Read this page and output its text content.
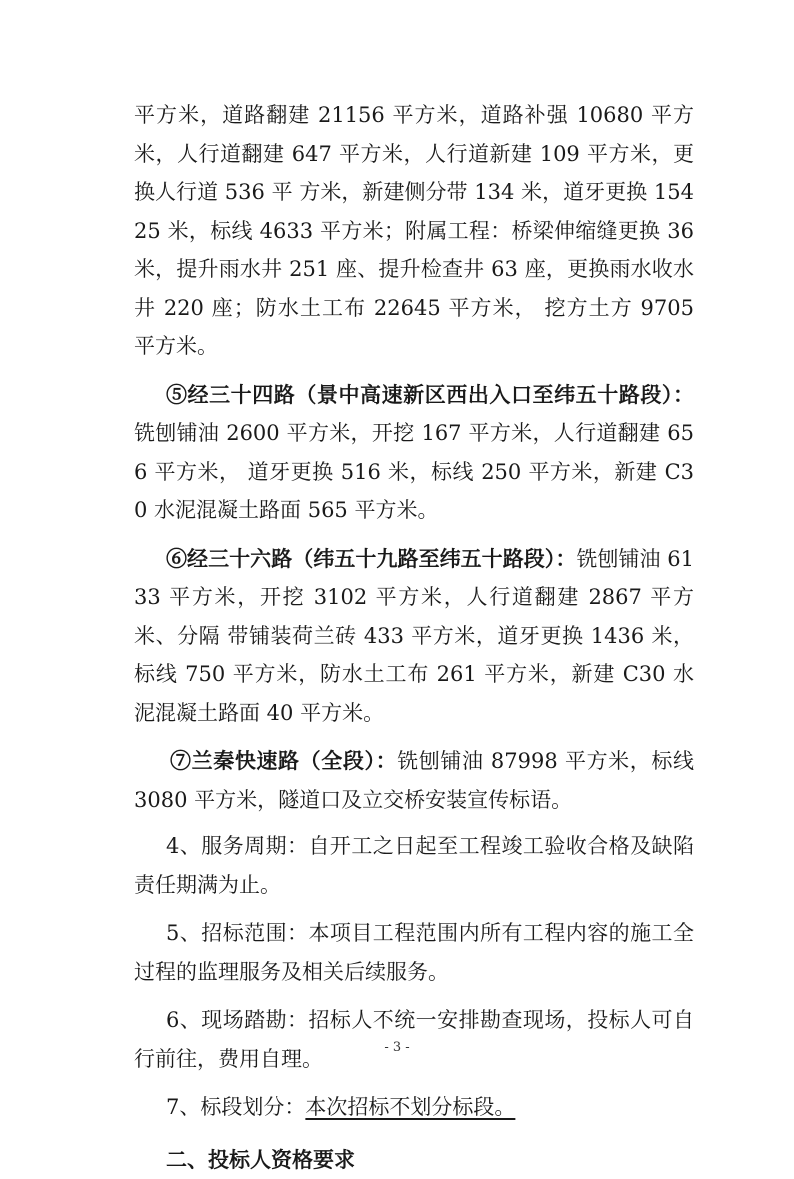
平方米，道路翻建 21156 平方米，道路补强 10680 平方米，人行道翻建 647 平方米，人行道新建 109 平方米，更换人行道 536 平 方米，新建侧分带 134 米，道牙更换 15425 米，标线 4633 平方米；附属工程：桥梁伸缩缝更换 36 米，提升雨水井 251 座、提升检查井 63 座，更换雨水收水井 220 座；防水土工布 22645 平方米， 挖方土方 9705 平方米。

⑤经三十四路（景中高速新区西出入口至纬五十路段）：铣刨铺油 2600 平方米，开挖 167 平方米，人行道翻建 656 平方米， 道牙更换 516 米，标线 250 平方米，新建 C30 水泥混凝土路面 565 平方米。

⑥经三十六路（纬五十九路至纬五十路段）：铣刨铺油 6133 平方米，开挖 3102 平方米，人行道翻建 2867 平方米、分隔 带铺装荷兰砖 433 平方米，道牙更换 1436 米，标线 750 平方米，防水土工布 261 平方米，新建 C30 水泥混凝土路面 40 平方米。

⑦兰秦快速路（全段）：铣刨铺油 87998 平方米，标线 3080 平方米，隧道口及立交桥安装宣传标语。

4、服务周期：自开工之日起至工程竣工验收合格及缺陷责任期满为止。

5、招标范围：本项目工程范围内所有工程内容的施工全过程的监理服务及相关后续服务。

6、现场踏勘：招标人不统一安排勘查现场，投标人可自行前往，费用自理。

7、标段划分：本次招标不划分标段。

二、投标人资格要求

- 3 -
